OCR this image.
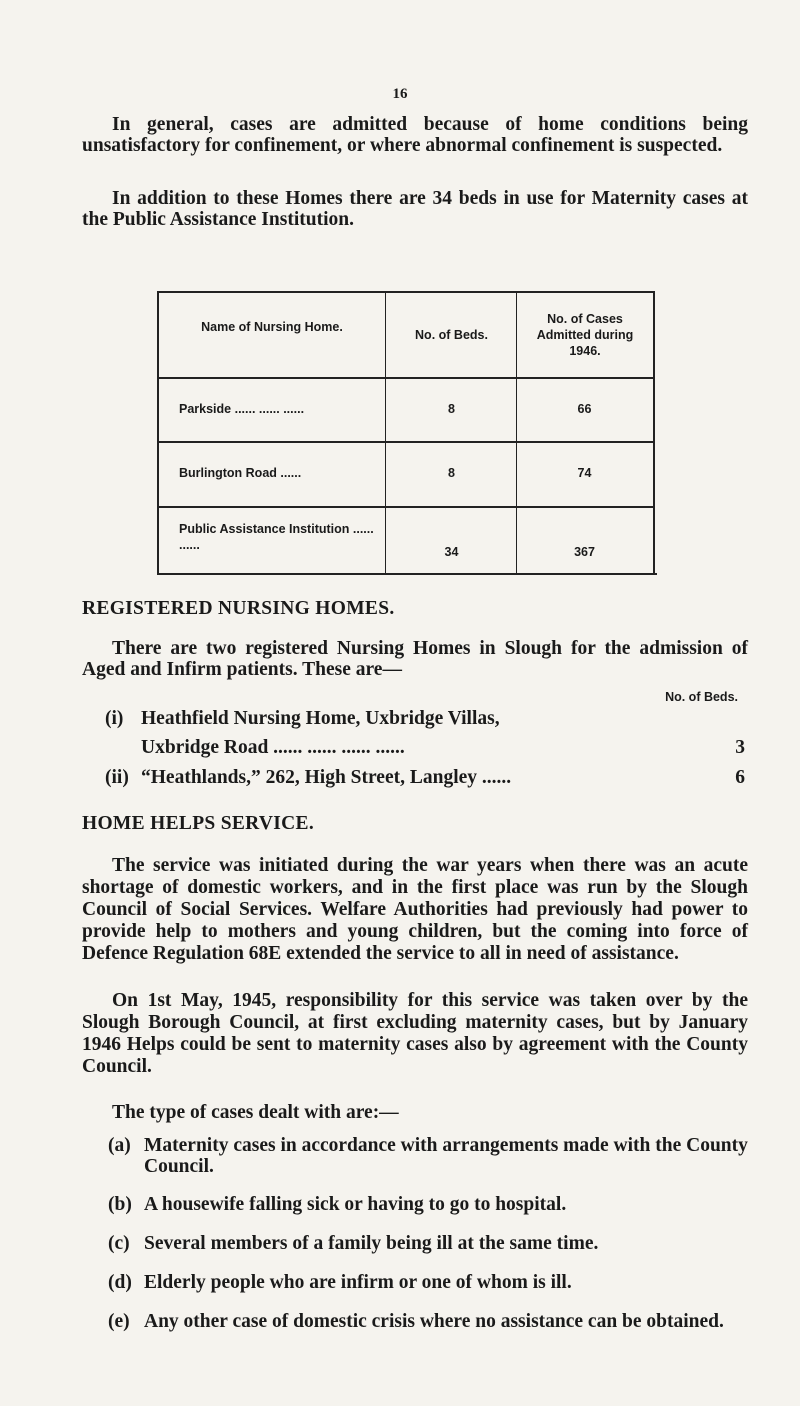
16
In general, cases are admitted because of home conditions being unsatisfactory for confinement, or where abnormal confinement is suspected.
In addition to these Homes there are 34 beds in use for Maternity cases at the Public Assistance Institution.
Name of Nursing Home.
No. of Beds.
No. of Cases Admitted during 1946.
Parkside ...... ...... ......	8	66
Burlington Road ......	8	74
Public Assistance Institution ...... ......	34	367
REGISTERED NURSING HOMES.
There are two registered Nursing Homes in Slough for the admission of Aged and Infirm patients. These are—
No. of Beds.
(i) Heathfield Nursing Home, Uxbridge Villas,
Uxbridge Road ...... ...... ...... ......	3
(ii) “Heathlands,” 262, High Street, Langley ......	6
HOME HELPS SERVICE.
The service was initiated during the war years when there was an acute shortage of domestic workers, and in the first place was run by the Slough Council of Social Services. Welfare Authorities had previously had power to provide help to mothers and young children, but the coming into force of Defence Regulation 68E extended the service to all in need of assistance.
On 1st May, 1945, responsibility for this service was taken over by the Slough Borough Council, at first excluding maternity cases, but by January 1946 Helps could be sent to maternity cases also by agreement with the County Council.
The type of cases dealt with are:—
(a) Maternity cases in accordance with arrangements made with the County Council.
(b) A housewife falling sick or having to go to hospital.
(c) Several members of a family being ill at the same time.
(d) Elderly people who are infirm or one of whom is ill.
(e) Any other case of domestic crisis where no assistance can be obtained.
